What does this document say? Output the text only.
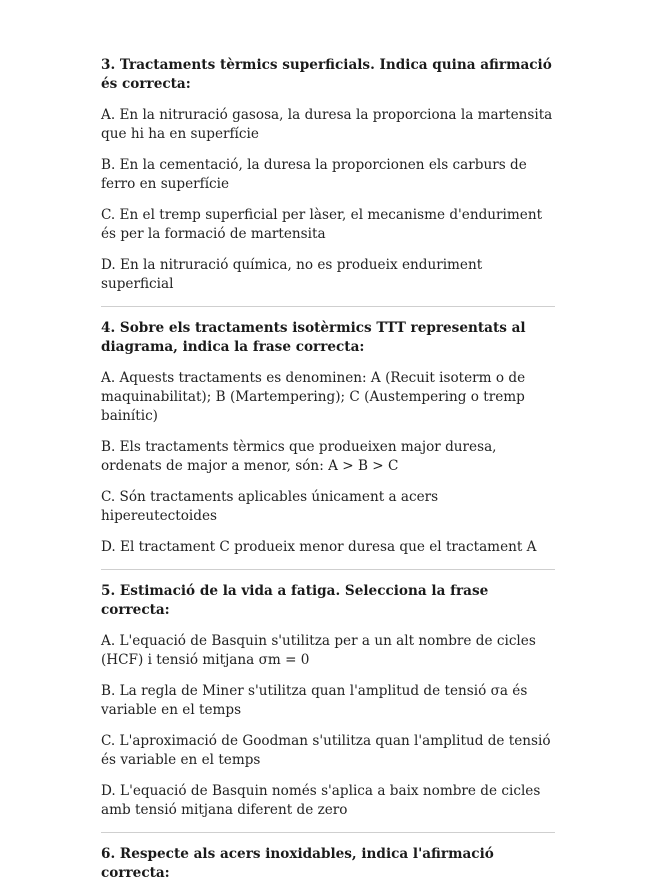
3. Tractaments tèrmics superficials. Indica quina afirmació és correcta:

A. En la nitruració gasosa, la duresa la proporciona la martensita que hi ha en superfície

B. En la cementació, la duresa la proporcionen els carburs de ferro en superfície

C. En el tremp superficial per làser, el mecanisme d'enduriment és per la formació de martensita

D. En la nitruració química, no es produeix enduriment superficial

4. Sobre els tractaments isotèrmics TTT representats al diagrama, indica la frase correcta:

A. Aquests tractaments es denominen: A (Recuit isoterm o de maquinabilitat); B (Martempering); C (Austempering o tremp bainític)

B. Els tractaments tèrmics que produeixen major duresa, ordenats de major a menor, són: A > B > C

C. Són tractaments aplicables únicament a acers hipereutectoides

D. El tractament C produeix menor duresa que el tractament A

5. Estimació de la vida a fatiga. Selecciona la frase correcta:

A. L'equació de Basquin s'utilitza per a un alt nombre de cicles (HCF) i tensió mitjana σm = 0

B. La regla de Miner s'utilitza quan l'amplitud de tensió σa és variable en el temps

C. L'aproximació de Goodman s'utilitza quan l'amplitud de tensió és variable en el temps

D. L'equació de Basquin només s'aplica a baix nombre de cicles amb tensió mitjana diferent de zero

6. Respecte als acers inoxidables, indica l'afirmació correcta:
